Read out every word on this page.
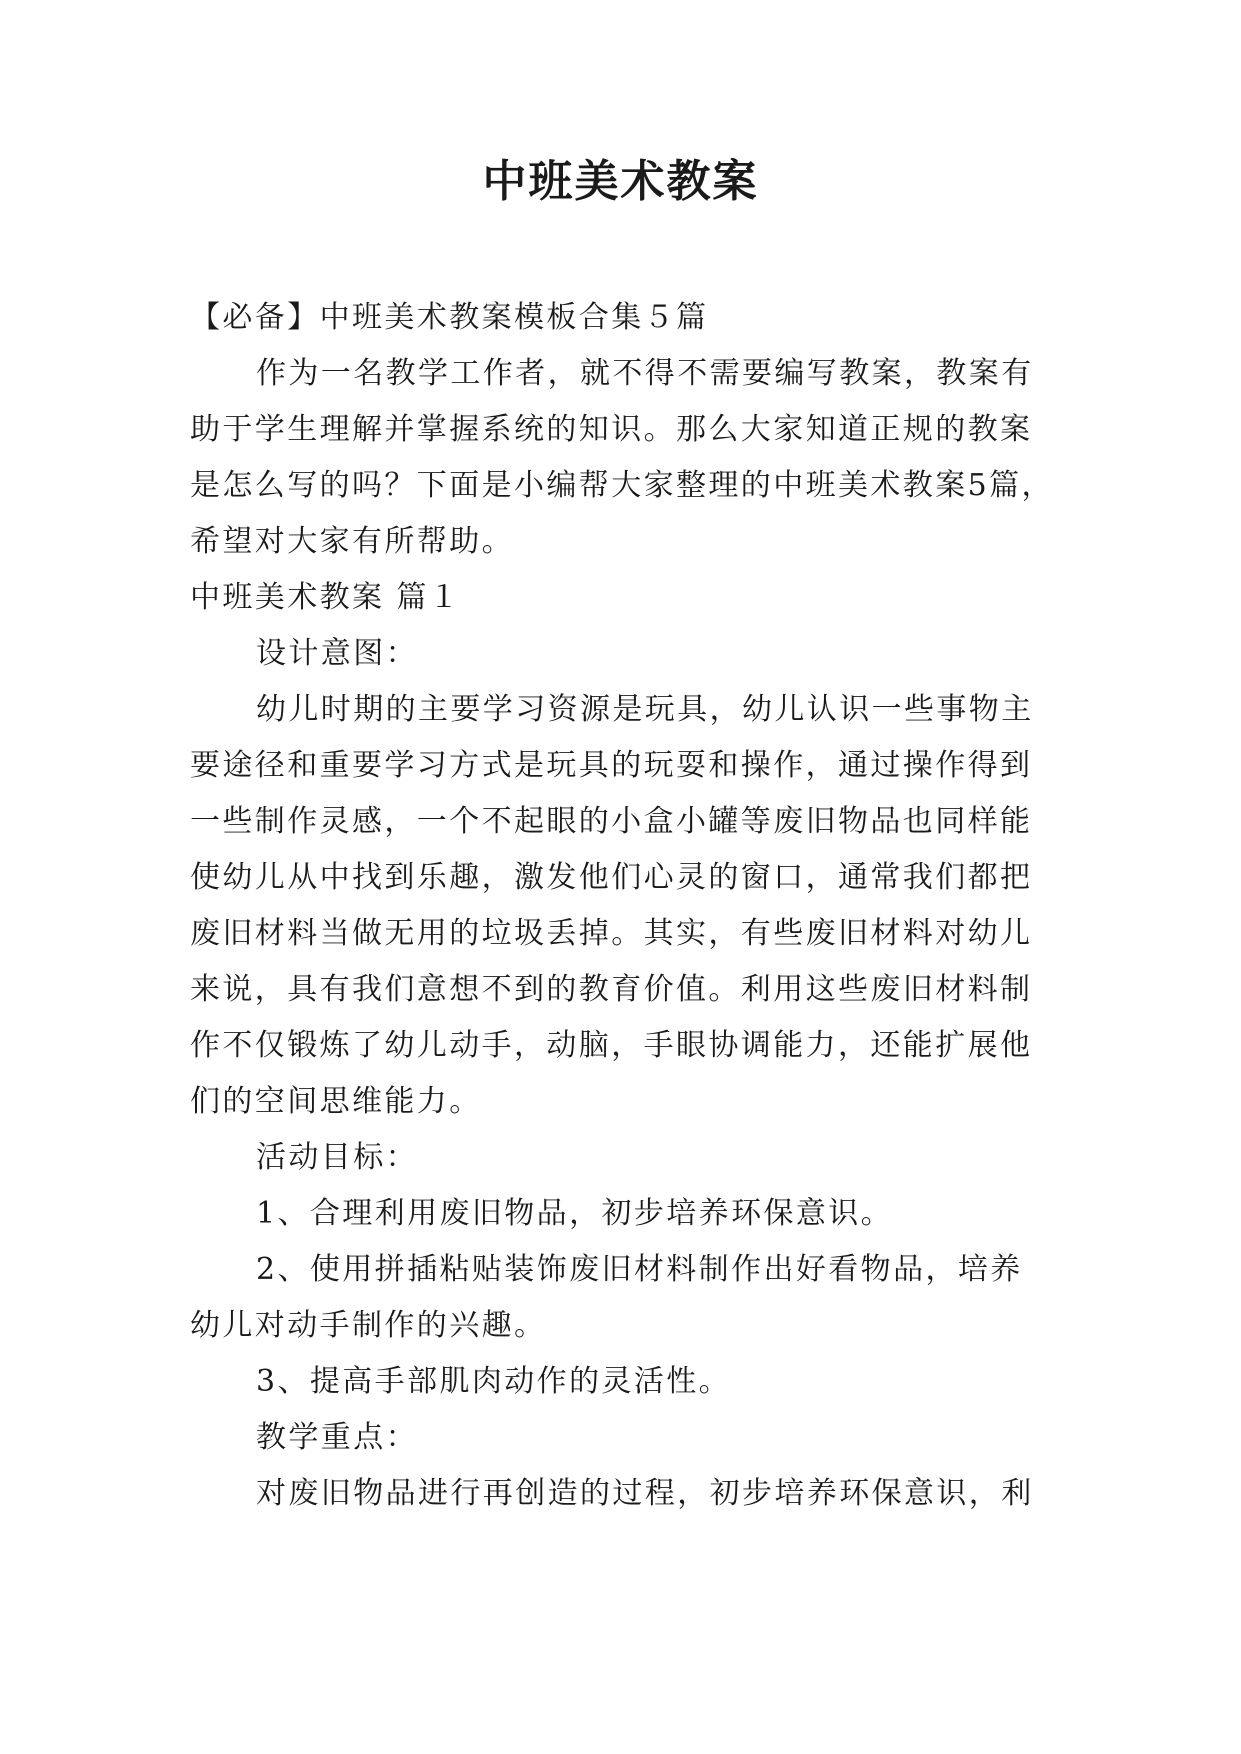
中班美术教案
【必备】中班美术教案模板合集５篇
作为一名教学工作者，就不得不需要编写教案，教案有
助于学生理解并掌握系统的知识。那么大家知道正规的教案
是怎么写的吗？下面是小编帮大家整理的中班美术教案5篇，
希望对大家有所帮助。
中班美术教案 篇１
设计意图：
幼儿时期的主要学习资源是玩具，幼儿认识一些事物主
要途径和重要学习方式是玩具的玩耍和操作，通过操作得到
一些制作灵感，一个不起眼的小盒小罐等废旧物品也同样能
使幼儿从中找到乐趣，激发他们心灵的窗口，通常我们都把
废旧材料当做无用的垃圾丢掉。其实，有些废旧材料对幼儿
来说，具有我们意想不到的教育价值。利用这些废旧材料制
作不仅锻炼了幼儿动手，动脑，手眼协调能力，还能扩展他
们的空间思维能力。
活动目标：
1、合理利用废旧物品，初步培养环保意识。
2、使用拼插粘贴装饰废旧材料制作出好看物品，培养
幼儿对动手制作的兴趣。
3、提高手部肌肉动作的灵活性。
教学重点：
对废旧物品进行再创造的过程，初步培养环保意识，利
